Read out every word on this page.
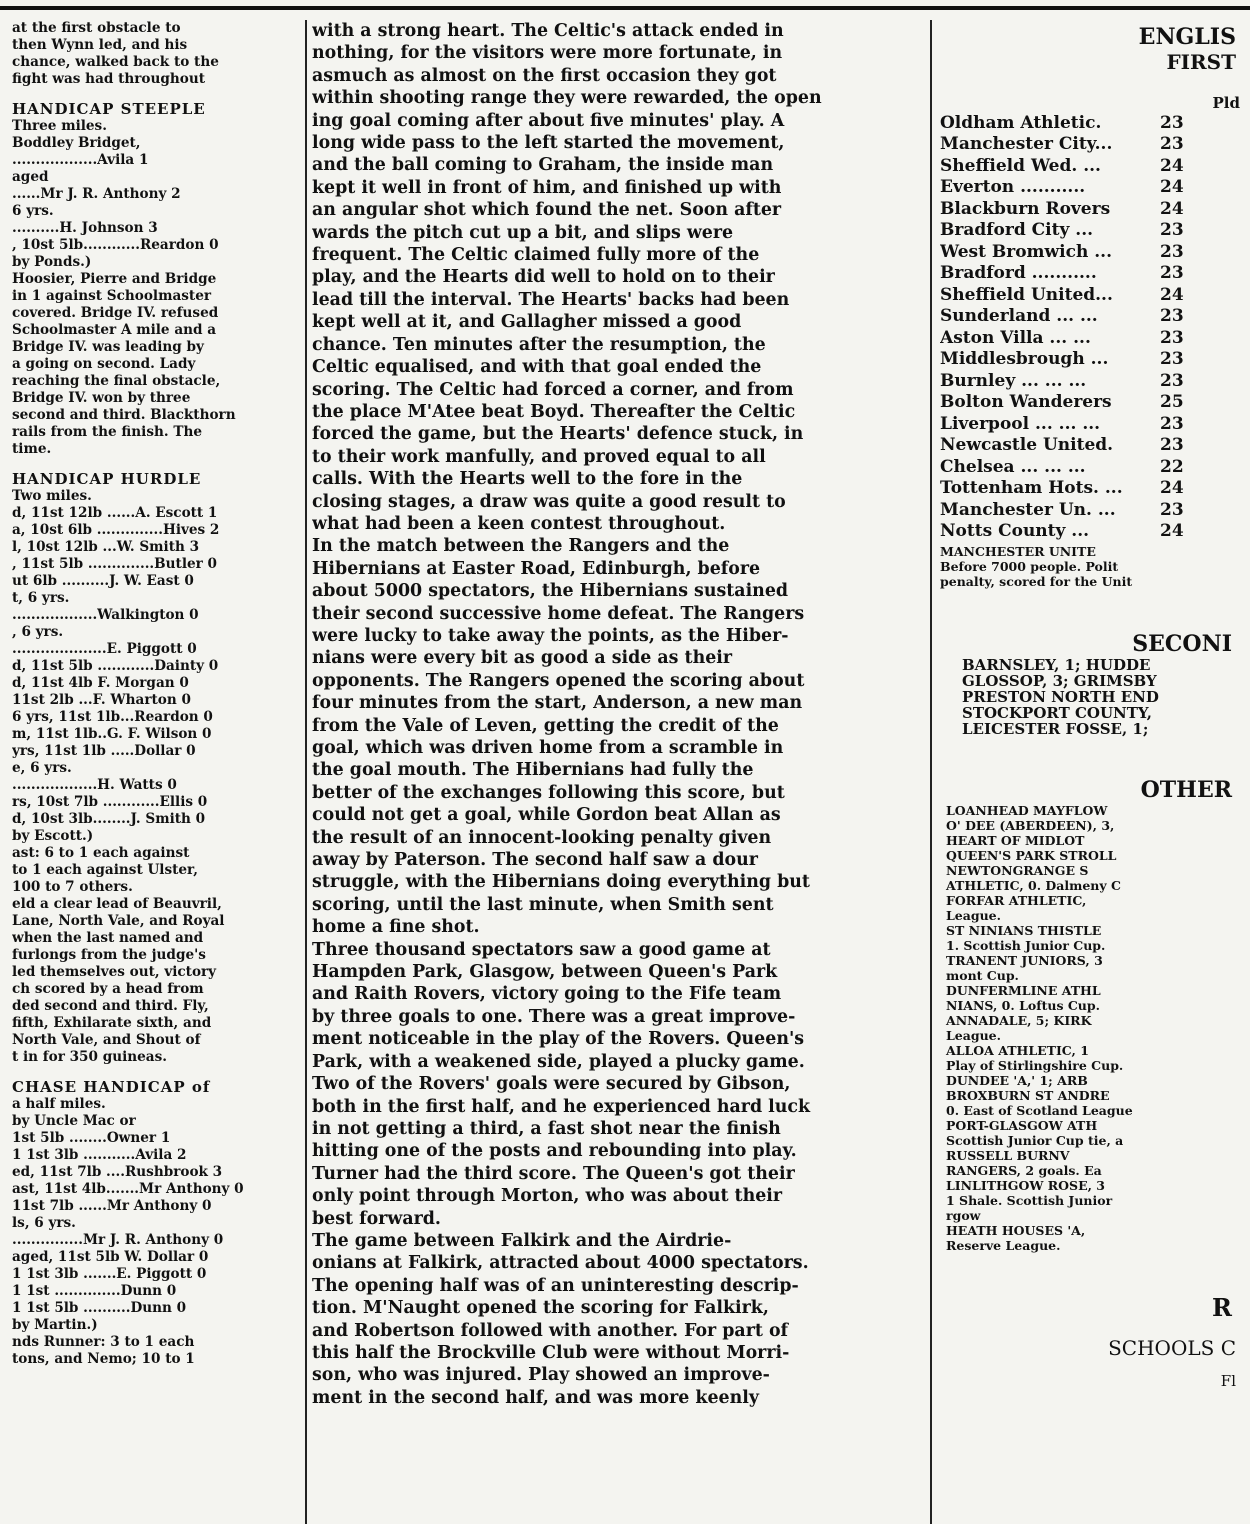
at the first obstacle to
then Wynn led, and his
chance, walked back to the
fight was had throughout
HANDICAP STEEPLE
Three miles.
Boddley Bridget,
..................Avila 1
aged
......Mr J. R. Anthony 2
6 yrs.
..........H. Johnson 3
, 10st 5lb............Reardon 0
by Ponds.)
Hoosier, Pierre and Bridge
in 1 against Schoolmaster
covered. Bridge IV. refused
Schoolmaster A mile and a
Bridge IV. was leading by
a going on second. Lady
reaching the final obstacle,
Bridge IV. won by three
second and third. Blackthorn
rails from the finish. The
time.
HANDICAP HURDLE
Two miles.
d, 11st 12lb ......A. Escott 1
a, 10st 6lb ..............Hives 2
l, 10st 12lb ...W. Smith 3
, 11st 5lb ..............Butler 0
ut 6lb ..........J. W. East 0
t, 6 yrs.
..................Walkington 0
, 6 yrs.
....................E. Piggott 0
d, 11st 5lb ............Dainty 0
d, 11st 4lb F. Morgan 0
11st 2lb ...F. Wharton 0
6 yrs, 11st 1lb...Reardon 0
m, 11st 1lb..G. F. Wilson 0
yrs, 11st 1lb .....Dollar 0
e, 6 yrs.
..................H. Watts 0
rs, 10st 7lb ............Ellis 0
d, 10st 3lb........J. Smith 0
by Escott.)
ast: 6 to 1 each against
to 1 each against Ulster,
100 to 7 others.
eld a clear lead of Beauvril,
Lane, North Vale, and Royal
when the last named and
furlongs from the judge's
led themselves out, victory
ch scored by a head from
ded second and third. Fly,
fifth, Exhilarate sixth, and
North Vale, and Shout of
t in for 350 guineas.
CHASE HANDICAP of
a half miles.
by Uncle Mac or
1st 5lb ........Owner 1
1 1st 3lb ...........Avila 2
ed, 11st 7lb ....Rushbrook 3
ast, 11st 4lb.......Mr Anthony 0
11st 7lb ......Mr Anthony 0
ls, 6 yrs.
...............Mr J. R. Anthony 0
aged, 11st 5lb W. Dollar 0
1 1st 3lb .......E. Piggott 0
1 1st ..............Dunn 0
1 1st 5lb ..........Dunn 0
by Martin.)
nds Runner: 3 to 1 each
tons, and Nemo; 10 to 1
with a strong heart. The Celtic's attack ended in
nothing, for the visitors were more fortunate, in
asmuch as almost on the first occasion they got
within shooting range they were rewarded, the open
ing goal coming after about five minutes' play. A
long wide pass to the left started the movement,
and the ball coming to Graham, the inside man
kept it well in front of him, and finished up with
an angular shot which found the net. Soon after
wards the pitch cut up a bit, and slips were
frequent. The Celtic claimed fully more of the
play, and the Hearts did well to hold on to their
lead till the interval. The Hearts' backs had been
kept well at it, and Gallagher missed a good
chance. Ten minutes after the resumption, the
Celtic equalised, and with that goal ended the
scoring. The Celtic had forced a corner, and from
the place M'Atee beat Boyd. Thereafter the Celtic
forced the game, but the Hearts' defence stuck, in
to their work manfully, and proved equal to all
calls. With the Hearts well to the fore in the
closing stages, a draw was quite a good result to
what had been a keen contest throughout.
In the match between the Rangers and the
Hibernians at Easter Road, Edinburgh, before
about 5000 spectators, the Hibernians sustained
their second successive home defeat. The Rangers
were lucky to take away the points, as the Hiber-
nians were every bit as good a side as their
opponents. The Rangers opened the scoring about
four minutes from the start, Anderson, a new man
from the Vale of Leven, getting the credit of the
goal, which was driven home from a scramble in
the goal mouth. The Hibernians had fully the
better of the exchanges following this score, but
could not get a goal, while Gordon beat Allan as
the result of an innocent-looking penalty given
away by Paterson. The second half saw a dour
struggle, with the Hibernians doing everything but
scoring, until the last minute, when Smith sent
home a fine shot.
Three thousand spectators saw a good game at
Hampden Park, Glasgow, between Queen's Park
and Raith Rovers, victory going to the Fife team
by three goals to one. There was a great improve-
ment noticeable in the play of the Rovers. Queen's
Park, with a weakened side, played a plucky game.
Two of the Rovers' goals were secured by Gibson,
both in the first half, and he experienced hard luck
in not getting a third, a fast shot near the finish
hitting one of the posts and rebounding into play.
Turner had the third score. The Queen's got their
only point through Morton, who was about their
best forward.
The game between Falkirk and the Airdrie-
onians at Falkirk, attracted about 4000 spectators.
The opening half was of an uninteresting descrip-
tion. M'Naught opened the scoring for Falkirk,
and Robertson followed with another. For part of
this half the Brockville Club were without Morri-
son, who was injured. Play showed an improve-
ment in the second half, and was more keenly
ENGLIS
FIRST
Pld
Oldham Athletic.	23
Manchester City...	23
Sheffield Wed. ...	24
Everton ...........	24
Blackburn Rovers	24
Bradford City ...	23
West Bromwich ...	23
Bradford ...........	23
Sheffield United...	24
Sunderland ... ...	23
Aston Villa ... ...	23
Middlesbrough ...	23
Burnley ... ... ...	23
Bolton Wanderers	25
Liverpool ... ... ...	23
Newcastle United.	23
Chelsea ... ... ...	22
Tottenham Hots. ...	24
Manchester Un. ...	23
Notts County ...	24
MANCHESTER UNITE
Before 7000 people. Polit
penalty, scored for the Unit
SECONI
BARNSLEY, 1; HUDDE
GLOSSOP, 3; GRIMSBY
PRESTON NORTH END
STOCKPORT COUNTY,
LEICESTER FOSSE, 1;
OTHER
LOANHEAD MAYFLOW
O' DEE (ABERDEEN), 3,
HEART OF MIDLOT
QUEEN'S PARK STROLL
NEWTONGRANGE S
ATHLETIC, 0. Dalmeny C
FORFAR ATHLETIC,
League.
ST NINIANS THISTLE
1. Scottish Junior Cup.
TRANENT JUNIORS, 3
mont Cup.
DUNFERMLINE ATHL
NIANS, 0. Loftus Cup.
ANNADALE, 5; KIRK
League.
ALLOA ATHLETIC, 1
Play of Stirlingshire Cup.
DUNDEE 'A,' 1; ARB
BROXBURN ST ANDRE
0. East of Scotland League
PORT-GLASGOW ATH
Scottish Junior Cup tie, a
RUSSELL BURNV
RANGERS, 2 goals. Ea
LINLITHGOW ROSE, 3
1 Shale. Scottish Junior
rgow
HEATH HOUSES 'A,
Reserve League.
R
SCHOOLS C
Fl
